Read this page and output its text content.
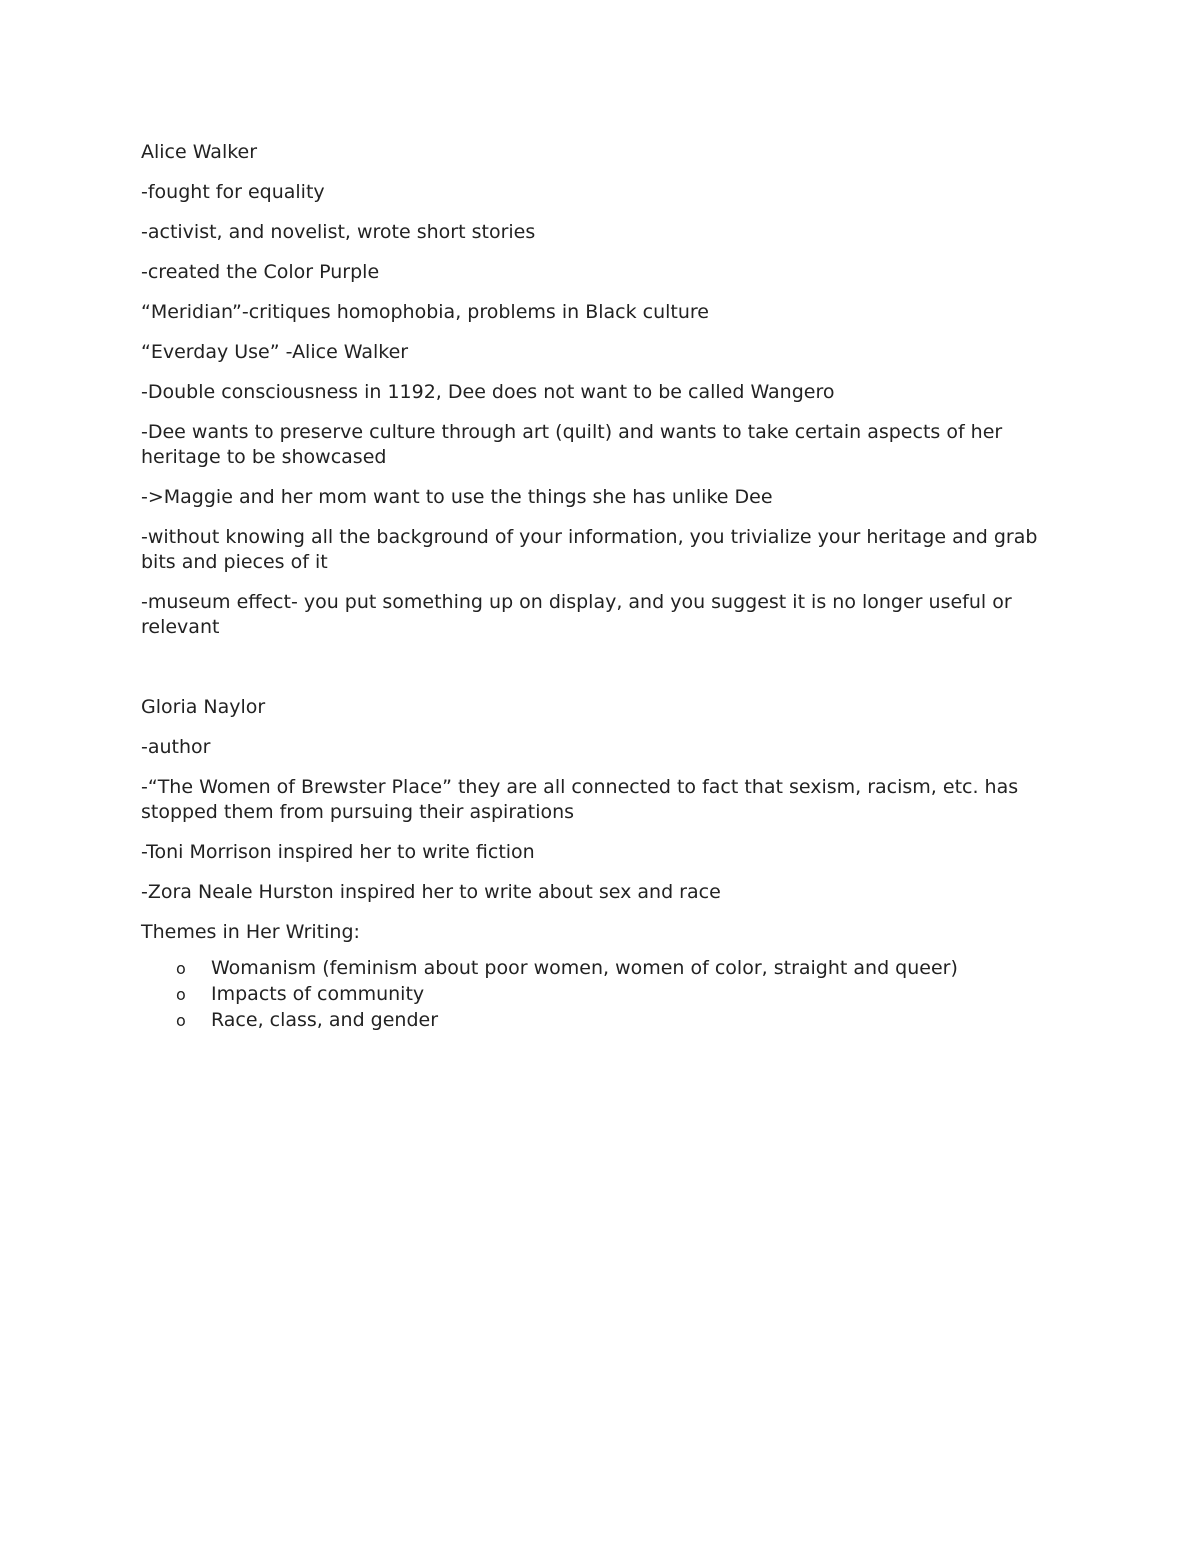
Alice Walker

-fought for equality

-activist, and novelist, wrote short stories

-created the Color Purple

“Meridian”-critiques homophobia, problems in Black culture

“Everday Use” -Alice Walker

-Double consciousness in 1192, Dee does not want to be called Wangero

-Dee wants to preserve culture through art (quilt) and wants to take certain aspects of her heritage to be showcased

->Maggie and her mom want to use the things she has unlike Dee

-without knowing all the background of your information, you trivialize your heritage and grab bits and pieces of it

-museum effect- you put something up on display, and you suggest it is no longer useful or relevant

Gloria Naylor

-author

-“The Women of Brewster Place” they are all connected to fact that sexism, racism, etc. has stopped them from pursuing their aspirations

-Toni Morrison inspired her to write fiction

-Zora Neale Hurston inspired her to write about sex and race

Themes in Her Writing:

o Womanism (feminism about poor women, women of color, straight and queer)
o Impacts of community
o Race, class, and gender
